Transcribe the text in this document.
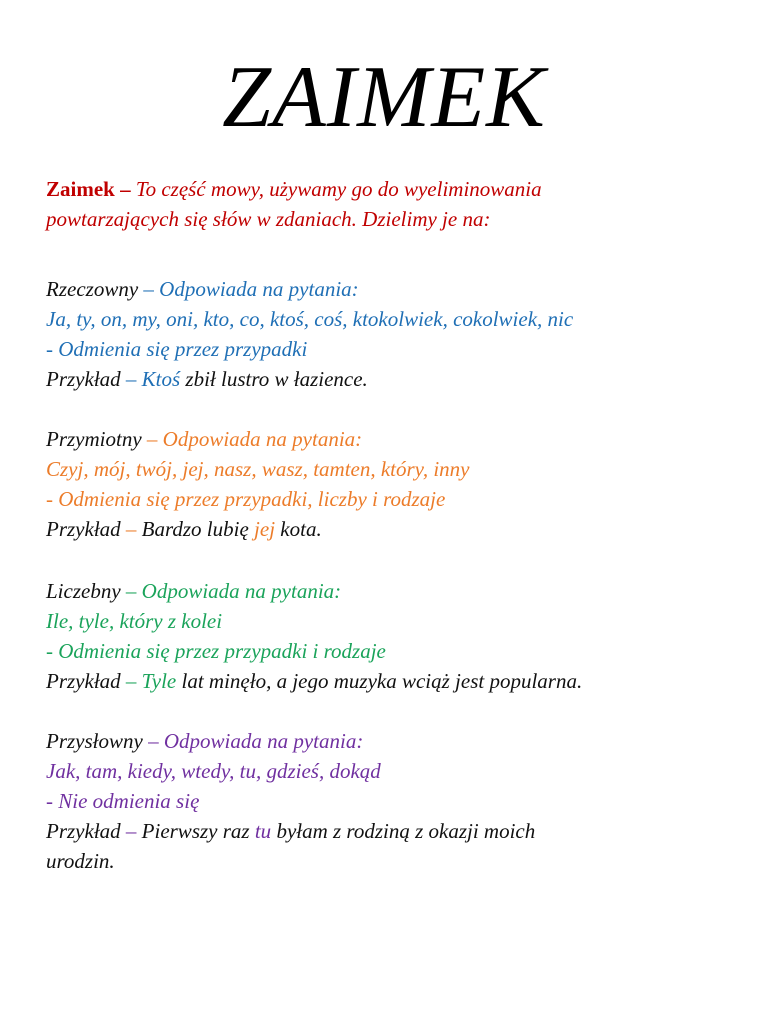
ZAIMEK
Zaimek – To część mowy, używamy go do wyeliminowania
powtarzających się słów w zdaniach. Dzielimy je na:
Rzeczowny – Odpowiada na pytania:
Ja, ty, on, my, oni, kto, co, ktoś, coś, ktokolwiek, cokolwiek, nic
- Odmienia się przez przypadki
Przykład – Ktoś zbił lustro w łazience.
Przymiotny – Odpowiada na pytania:
Czyj, mój, twój, jej, nasz, wasz, tamten, który, inny
- Odmienia się przez przypadki, liczby i rodzaje
Przykład – Bardzo lubię jej kota.
Liczebny – Odpowiada na pytania:
Ile, tyle, który z kolei
- Odmienia się przez przypadki i rodzaje
Przykład – Tyle lat minęło, a jego muzyka wciąż jest popularna.
Przysłowny – Odpowiada na pytania:
Jak, tam, kiedy, wtedy, tu, gdzieś, dokąd
- Nie odmienia się
Przykład – Pierwszy raz tu byłam z rodziną z okazji moich
urodzin.
